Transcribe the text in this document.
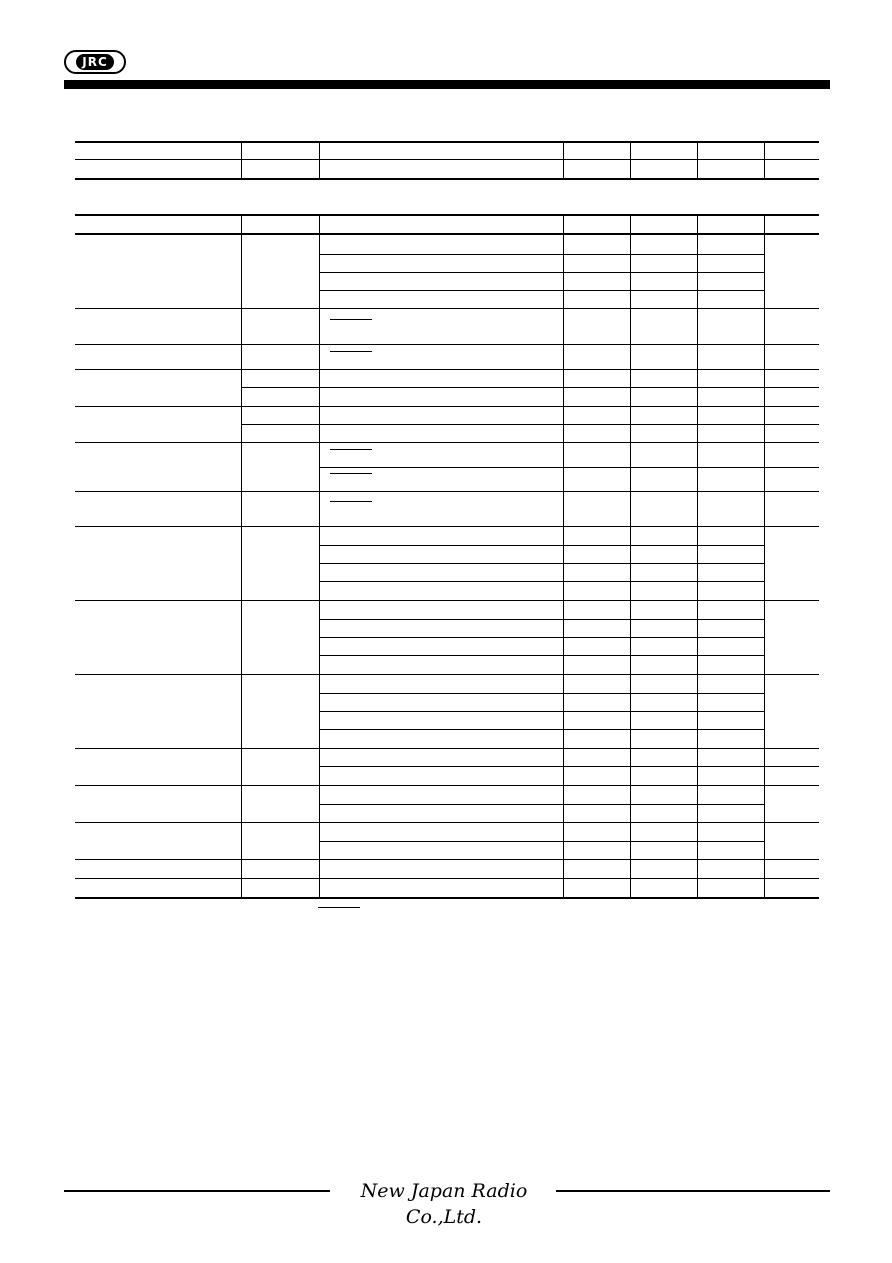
JRC
New Japan Radio Co.,Ltd.
